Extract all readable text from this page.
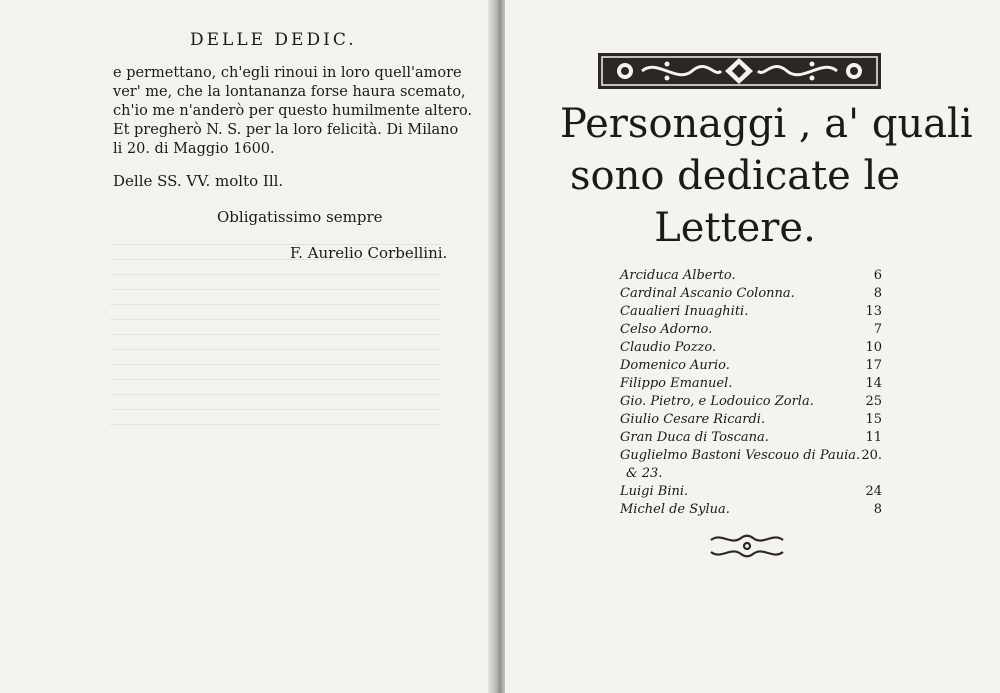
DELLE DEDIC.
e permettano, ch'egli rinoui in loro quell'amore
ver' me, che la lontananza forse haura scemato,
ch'io me n'anderò per questo humilmente altero.
Et pregherò N. S. per la loro felicità. Di Milano
li 20. di Maggio 1600.
Delle SS. VV. molto Ill.
Obligatissimo sempre
F. Aurelio Corbellini.
Personaggi , a' quali
sono dedicate le
Lettere.
Arciduca Alberto.	6
Cardinal Ascanio Colonna.	8
Caualieri Inuaghiti.	13
Celso Adorno.	7
Claudio Pozzo.	10
Domenico Aurio.	17
Filippo Emanuel.	14
Gio. Pietro, e Lodouico Zorla.	25
Giulio Cesare Ricardi.	15
Gran Duca di Toscana.	11
Guglielmo Bastoni Vescouo di Pauia. 20.
& 23.
Luigi Bini.	24
Michel de Sylua.	8
